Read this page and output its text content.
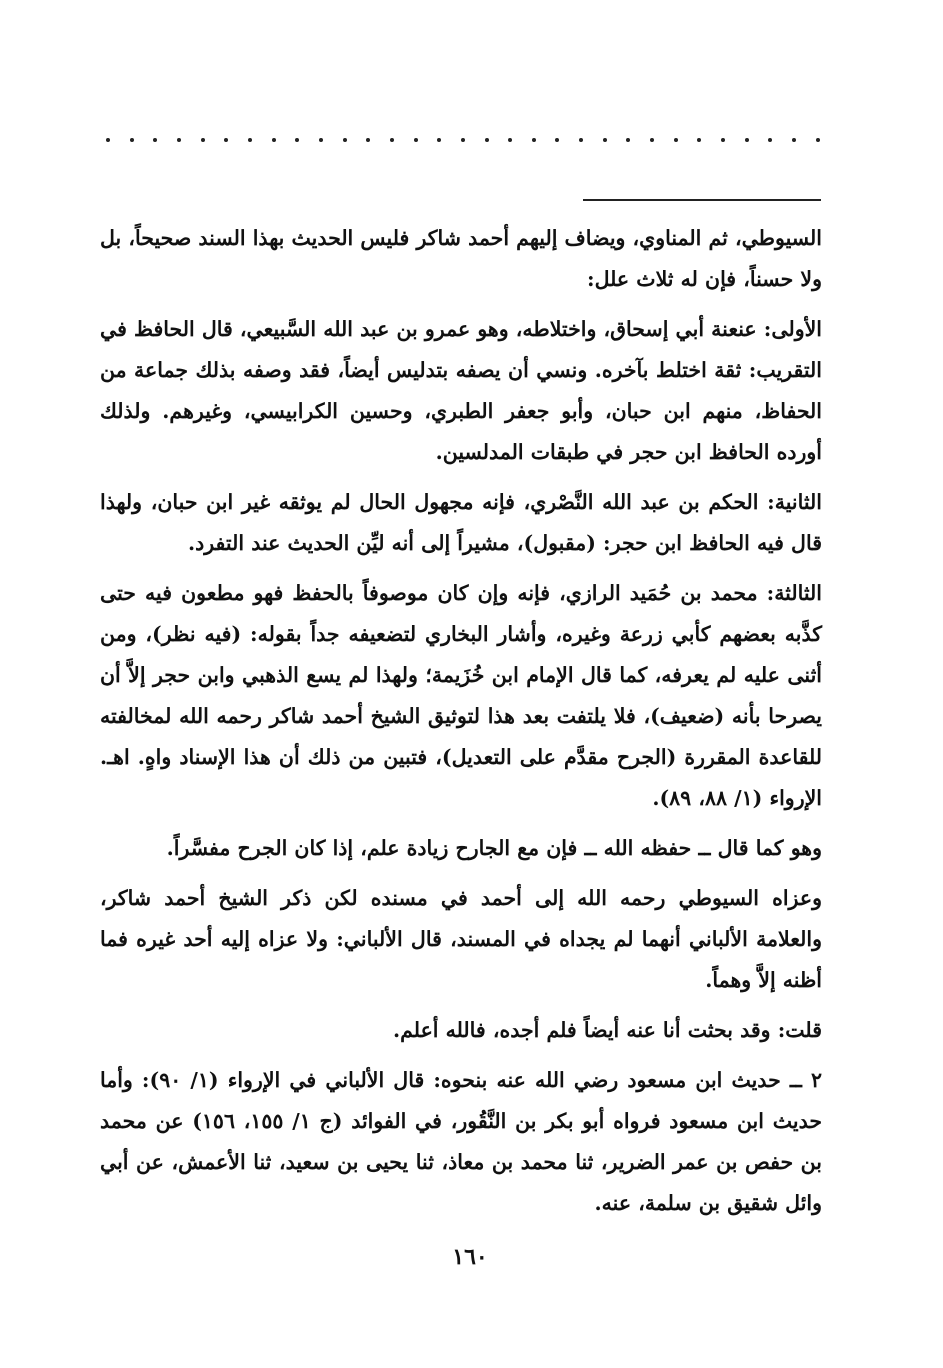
السيوطي، ثم المناوي، ويضاف إليهم أحمد شاكر فليس الحديث بهذا السند صحيحاً، بل ولا حسناً، فإن له ثلاث علل:

الأولى: عنعنة أبي إسحاق، واختلاطه، وهو عمرو بن عبد الله السَّبيعي، قال الحافظ في التقريب: ثقة اختلط بآخره. ونسي أن يصفه بتدليس أيضاً، فقد وصفه بذلك جماعة من الحفاظ، منهم ابن حبان، وأبو جعفر الطبري، وحسين الكرابيسي، وغيرهم. ولذلك أورده الحافظ ابن حجر في طبقات المدلسين.

الثانية: الحكم بن عبد الله النَّصْري، فإنه مجهول الحال لم يوثقه غير ابن حبان، ولهذا قال فيه الحافظ ابن حجر: (مقبول)، مشيراً إلى أنه ليِّن الحديث عند التفرد.

الثالثة: محمد بن حُمَيد الرازي، فإنه وإن كان موصوفاً بالحفظ فهو مطعون فيه حتى كذَّبه بعضهم كأبي زرعة وغيره، وأشار البخاري لتضعيفه جداً بقوله: (فيه نظر)، ومن أثنى عليه لم يعرفه، كما قال الإمام ابن خُزَيمة؛ ولهذا لم يسع الذهبي وابن حجر إلاَّ أن يصرحا بأنه (ضعيف)، فلا يلتفت بعد هذا لتوثيق الشيخ أحمد شاكر رحمه الله لمخالفته للقاعدة المقررة (الجرح مقدَّم على التعديل)، فتبين من ذلك أن هذا الإسناد واهٍ. اهـ. الإرواء (١/ ٨٨، ٨٩).

وهو كما قال ــ حفظه الله ــ فإن مع الجارح زيادة علم، إذا كان الجرح مفسَّراً.

وعزاه السيوطي رحمه الله إلى أحمد في مسنده لكن ذكر الشيخ أحمد شاكر، والعلامة الألباني أنهما لم يجداه في المسند، قال الألباني: ولا عزاه إليه أحد غيره فما أظنه إلاَّ وهماً.

قلت: وقد بحثت أنا عنه أيضاً فلم أجده، فالله أعلم.

٢ ــ حديث ابن مسعود رضي الله عنه بنحوه: قال الألباني في الإرواء (١/ ٩٠): وأما حديث ابن مسعود فرواه أبو بكر بن النَّقُور، في الفوائد (ج ١/ ١٥٥، ١٥٦) عن محمد بن حفص بن عمر الضرير، ثنا محمد بن معاذ، ثنا يحيى بن سعيد، ثنا الأعمش، عن أبي وائل شقيق بن سلمة، عنه.

١٦٠
